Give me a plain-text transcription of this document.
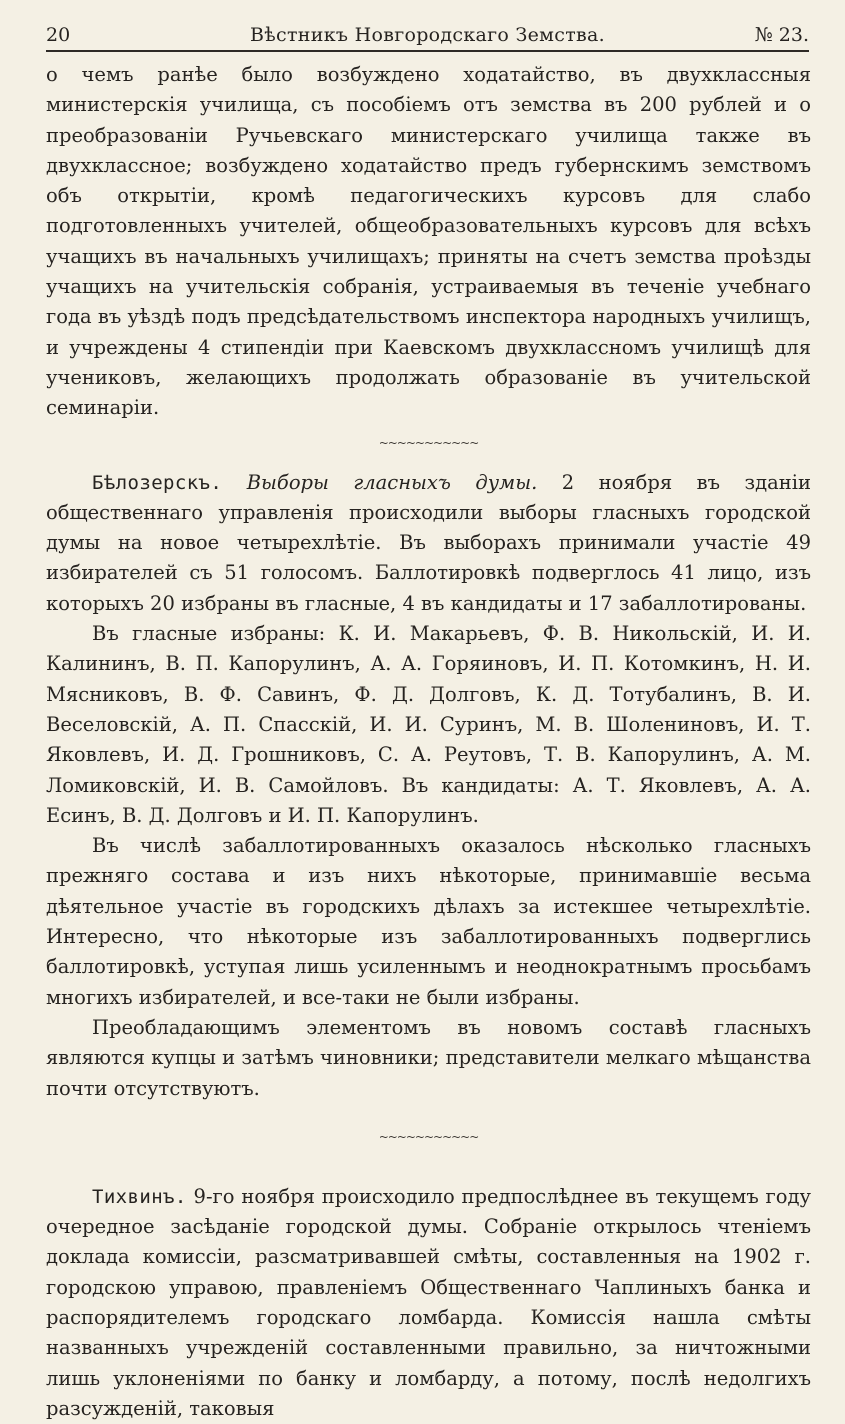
20	Вѣстникъ Новгородскаго Земства.	№ 23.

о чемъ ранѣе было возбуждено ходатайство, въ двухклассныя министерскія училища, съ пособіемъ отъ земства въ 200 рублей и о преобразованіи Ручьевскаго министерскаго училища также въ двухклассное; возбуждено ходатайство предъ губернскимъ земствомъ объ открытіи, кромѣ педагогическихъ курсовъ для слабо подготовленныхъ учителей, общеобразовательныхъ курсовъ для всѣхъ учащихъ въ начальныхъ училищахъ; приняты на счетъ земства проѣзды учащихъ на учительскія собранія, устраиваемыя въ теченіе учебнаго года въ уѣздѣ подъ предсѣдательствомъ инспектора народныхъ училищъ, и учреждены 4 стипендіи при Каевскомъ двухклассномъ училищѣ для учениковъ, желающихъ продолжать образованіе въ учительской семинаріи.

~~~~~~~~~~~

Бѣлозерскъ. Выборы гласныхъ думы. 2 ноября въ зданіи общественнаго управленія происходили выборы гласныхъ городской думы на новое четырехлѣтіе. Въ выборахъ принимали участіе 49 избирателей съ 51 голосомъ. Баллотировкѣ подверглось 41 лицо, изъ которыхъ 20 избраны въ гласные, 4 въ кандидаты и 17 забаллотированы.

Въ гласные избраны: К. И. Макарьевъ, Ф. В. Никольскій, И. И. Калининъ, В. П. Капорулинъ, А. А. Горяиновъ, И. П. Котомкинъ, Н. И. Мясниковъ, В. Ф. Савинъ, Ф. Д. Долговъ, К. Д. Тотубалинъ, В. И. Веселовскій, А. П. Спасскій, И. И. Суринъ, М. В. Шолениновъ, И. Т. Яковлевъ, И. Д. Грошниковъ, С. А. Реутовъ, Т. В. Капорулинъ, А. М. Ломиковскій, И. В. Самойловъ. Въ кандидаты: А. Т. Яковлевъ, А. А. Есинъ, В. Д. Долговъ и И. П. Капорулинъ.

Въ числѣ забаллотированныхъ оказалось нѣсколько гласныхъ прежняго состава и изъ нихъ нѣкоторые, принимавшіе весьма дѣятельное участіе въ городскихъ дѣлахъ за истекшее четырехлѣтіе. Интересно, что нѣкоторые изъ забаллотированныхъ подверглись баллотировкѣ, уступая лишь усиленнымъ и неоднократнымъ просьбамъ многихъ избирателей, и все-таки не были избраны.

Преобладающимъ элементомъ въ новомъ составѣ гласныхъ являются купцы и затѣмъ чиновники; представители мелкаго мѣщанства почти отсутствуютъ.

~~~~~~~~~~~

Тихвинъ. 9-го ноября происходило предпослѣднее въ текущемъ году очередное засѣданіе городской думы. Собраніе открылось чтеніемъ доклада комиссіи, разсматривавшей смѣты, составленныя на 1902 г. городскою управою, правленіемъ Общественнаго Чаплиныхъ банка и распорядителемъ городскаго ломбарда. Комиссія нашла смѣты названныхъ учрежденій составленными правильно, за ничтожными лишь уклоненіями по банку и ломбарду, а потому, послѣ недолгихъ разсужденій, таковыя
